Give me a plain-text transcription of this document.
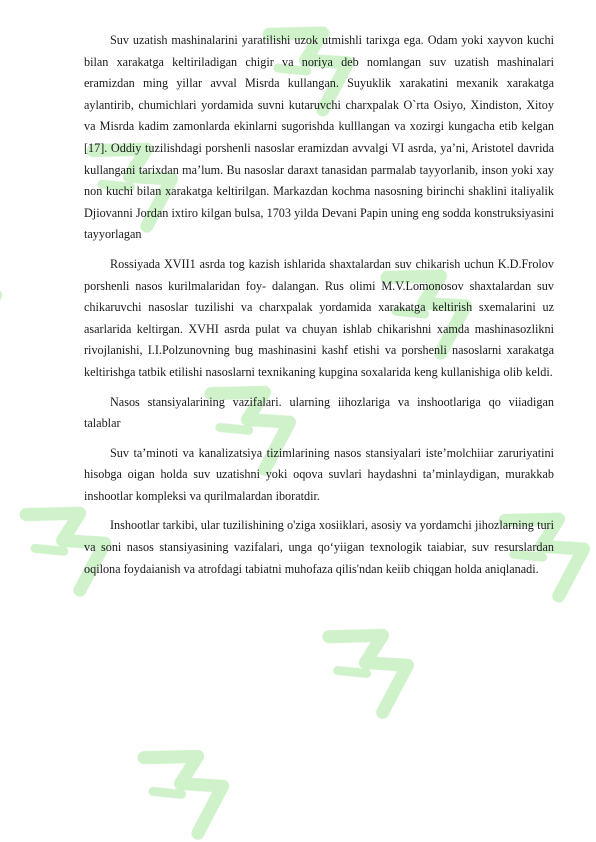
Suv uzatish mashinalarini yaratilishi uzok utmishli tarixga ega. Odam yoki xayvon kuchi bilan xarakatga keltiriladigan chigir va noriya deb nomlangan suv uzatish mashinalari eramizdan ming yillar avval Misrda kullangan. Suyuklik xarakatini mexanik xarakatga aylantirib, chumichlari yordamida suvni kutaruvchi charxpalak O`rta Osiyo, Xindiston, Xitoy va Misrda kadim zamonlarda ekinlarni sugorishda kulllangan va xozirgi kungacha etib kelgan [17]. Oddiy tuzilishdagi porshenli nasoslar eramizdan avvalgi VI asrda, ya’ni, Aristotel davrida kullangani tarixdan ma’lum. Bu nasoslar daraxt tanasidan parmalab tayyorlanib, inson yoki xay non kuchi bilan xarakatga keltirilgan. Markazdan kochma nasosning birinchi shaklini italiyalik Djiovanni Jordan ixtiro kilgan bulsa, 1703 yilda Devani Papin uning eng sodda konstruksiyasini tayyorlagan

Rossiyada XVII1 asrda tog kazish ishlarida shaxtalardan suv chikarish uchun K.D.Frolov porshenli nasos kurilmalaridan foy- dalangan. Rus olimi M.V.Lomonosov shaxtalardan suv chikaruvchi nasoslar tuzilishi va charxpalak yordamida xarakatga keltirish sxemalarini uz asarlarida keltirgan. XVHI asrda pulat va chuyan ishlab chikarishni xamda mashinasozlikni rivojlanishi, I.I.Polzunovning bug mashinasini kashf etishi va porshenli nasoslarni xarakatga keltirishga tatbik etilishi nasoslarni texnikaning kupgina soxalarida keng kullanishiga olib keldi.

Nasos stansiyalarining vazifalari. ularning iihozlariga va inshootlariga qo viiadigan talablar

Suv ta’minoti va kanalizatsiya tizimlarining nasos stansiyalari iste’molchiiar zaruriyatini hisobga oigan holda suv uzatishni yoki oqova suvlari haydashni ta’minlaydigan, murakkab inshootlar kompleksi va qurilmalardan iboratdir.

Inshootlar tarkibi, ular tuzilishining o'ziga xosiiklari, asosiy va yordamchi jihozlarning turi va soni nasos stansiyasining vazifalari, unga qo‘yiigan texnologik taiabiar, suv resurslardan oqilona foydaianish va atrofdagi tabiatni muhofaza qilis'ndan keiib chiqgan holda aniqlanadi.
